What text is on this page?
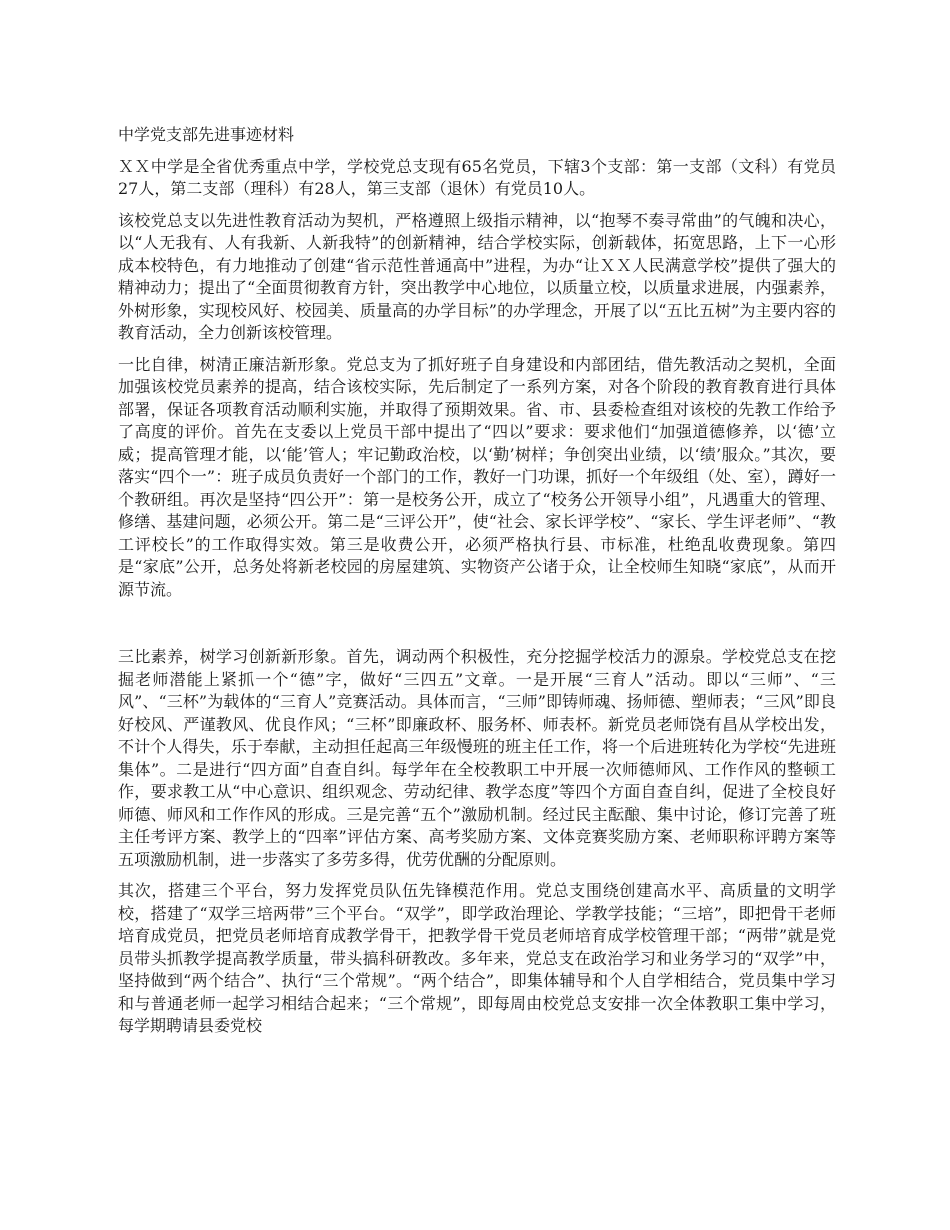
中学党支部先进事迹材料

ＸＸ中学是全省优秀重点中学，学校党总支现有65名党员，下辖3个支部：第一支部（文科）有党员27人，第二支部（理科）有28人，第三支部（退休）有党员10人。

该校党总支以先进性教育活动为契机，严格遵照上级指示精神，以“抱琴不奏寻常曲”的气魄和决心，以“人无我有、人有我新、人新我特”的创新精神，结合学校实际，创新载体，拓宽思路，上下一心形成本校特色，有力地推动了创建“省示范性普通高中”进程，为办“让ＸＸ人民满意学校”提供了强大的精神动力；提出了“全面贯彻教育方针，突出教学中心地位，以质量立校，以质量求进展，内强素养，外树形象，实现校风好、校园美、质量高的办学目标”的办学理念，开展了以“五比五树”为主要内容的教育活动，全力创新该校管理。

一比自律，树清正廉洁新形象。党总支为了抓好班子自身建设和内部团结，借先教活动之契机，全面加强该校党员素养的提高，结合该校实际，先后制定了一系列方案，对各个阶段的教育教育进行具体部署，保证各项教育活动顺利实施，并取得了预期效果。省、市、县委检查组对该校的先教工作给予了高度的评价。首先在支委以上党员干部中提出了“四以”要求：要求他们“加强道德修养，以‘德’立威；提高管理才能，以‘能’管人；牢记勤政治校，以‘勤’树样；争创突出业绩，以‘绩’服众。”其次，要落实“四个一”：班子成员负责好一个部门的工作，教好一门功课，抓好一个年级组（处、室），蹲好一个教研组。再次是坚持“四公开”：第一是校务公开，成立了“校务公开领导小组”，凡遇重大的管理、修缮、基建问题，必须公开。第二是“三评公开”，使“社会、家长评学校”、“家长、学生评老师”、“教工评校长”的工作取得实效。第三是收费公开，必须严格执行县、市标准，杜绝乱收费现象。第四是“家底”公开，总务处将新老校园的房屋建筑、实物资产公诸于众，让全校师生知晓“家底”，从而开源节流。

三比素养，树学习创新新形象。首先，调动两个积极性，充分挖掘学校活力的源泉。学校党总支在挖掘老师潜能上紧抓一个“德”字，做好“三四五”文章。一是开展“三育人”活动。即以“三师”、“三风”、“三杯”为载体的“三育人”竞赛活动。具体而言，“三师”即铸师魂、扬师德、塑师表；“三风”即良好校风、严谨教风、优良作风；“三杯”即廉政杯、服务杯、师表杯。新党员老师饶有昌从学校出发，不计个人得失，乐于奉献，主动担任起高三年级慢班的班主任工作，将一个后进班转化为学校“先进班集体”。二是进行“四方面”自查自纠。每学年在全校教职工中开展一次师德师风、工作作风的整顿工作，要求教工从“中心意识、组织观念、劳动纪律、教学态度”等四个方面自查自纠，促进了全校良好师德、师风和工作作风的形成。三是完善“五个”激励机制。经过民主酝酿、集中讨论，修订完善了班主任考评方案、教学上的“四率”评估方案、高考奖励方案、文体竞赛奖励方案、老师职称评聘方案等五项激励机制，进一步落实了多劳多得，优劳优酬的分配原则。

其次，搭建三个平台，努力发挥党员队伍先锋模范作用。党总支围绕创建高水平、高质量的文明学校，搭建了“双学三培两带”三个平台。“双学”，即学政治理论、学教学技能；“三培”，即把骨干老师培育成党员，把党员老师培育成教学骨干，把教学骨干党员老师培育成学校管理干部；“两带”就是党员带头抓教学提高教学质量，带头搞科研教改。多年来，党总支在政治学习和业务学习的“双学”中，坚持做到“两个结合”、执行“三个常规”。“两个结合”，即集体辅导和个人自学相结合，党员集中学习和与普通老师一起学习相结合起来；“三个常规”，即每周由校党总支安排一次全体教职工集中学习，每学期聘请县委党校
